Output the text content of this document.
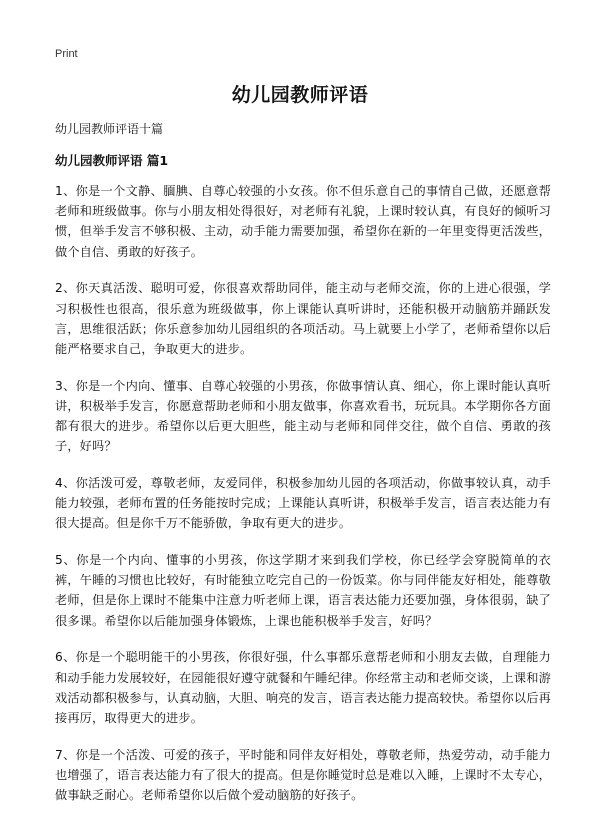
Print
幼儿园教师评语
幼儿园教师评语十篇
幼儿园教师评语 篇1

1、你是一个文静、腼腆、自尊心较强的小女孩。你不但乐意自己的事情自己做，还愿意帮老师和班级做事。你与小朋友相处得很好，对老师有礼貌，上课时较认真，有良好的倾听习惯，但举手发言不够积极、主动，动手能力需要加强，希望你在新的一年里变得更活泼些，做个自信、勇敢的好孩子。

2、你天真活泼、聪明可爱，你很喜欢帮助同伴，能主动与老师交流，你的上进心很强，学习积极性也很高，很乐意为班级做事，你上课能认真听讲时，还能积极开动脑筋并踊跃发言，思维很活跃；你乐意参加幼儿园组织的各项活动。马上就要上小学了，老师希望你以后能严格要求自己，争取更大的进步。

3、你是一个内向、懂事、自尊心较强的小男孩，你做事情认真、细心，你上课时能认真听讲，积极举手发言，你愿意帮助老师和小朋友做事，你喜欢看书，玩玩具。本学期你各方面都有很大的进步。希望你以后更大胆些，能主动与老师和同伴交往，做个自信、勇敢的孩子，好吗？

4、你活泼可爱，尊敬老师，友爱同伴，积极参加幼儿园的各项活动，你做事较认真，动手能力较强，老师布置的任务能按时完成；上课能认真听讲，积极举手发言，语言表达能力有很大提高。但是你千万不能骄傲，争取有更大的进步。

5、你是一个内向、懂事的小男孩，你这学期才来到我们学校，你已经学会穿脱简单的衣裤，午睡的习惯也比较好，有时能独立吃完自己的一份饭菜。你与同伴能友好相处，能尊敬老师，但是你上课时不能集中注意力听老师上课，语言表达能力还要加强，身体很弱，缺了很多课。希望你以后能加强身体锻炼，上课也能积极举手发言，好吗？

6、你是一个聪明能干的小男孩，你很好强，什么事都乐意帮老师和小朋友去做，自理能力和动手能力发展较好，在园能很好遵守就餐和午睡纪律。你经常主动和老师交谈，上课和游戏活动都积极参与，认真动脑，大胆、响亮的发言，语言表达能力提高较快。希望你以后再接再厉，取得更大的进步。

7、你是一个活泼、可爱的孩子，平时能和同伴友好相处，尊敬老师，热爱劳动，动手能力也增强了，语言表达能力有了很大的提高。但是你睡觉时总是难以入睡，上课时不太专心，做事缺乏耐心。老师希望你以后做个爱动脑筋的好孩子。
